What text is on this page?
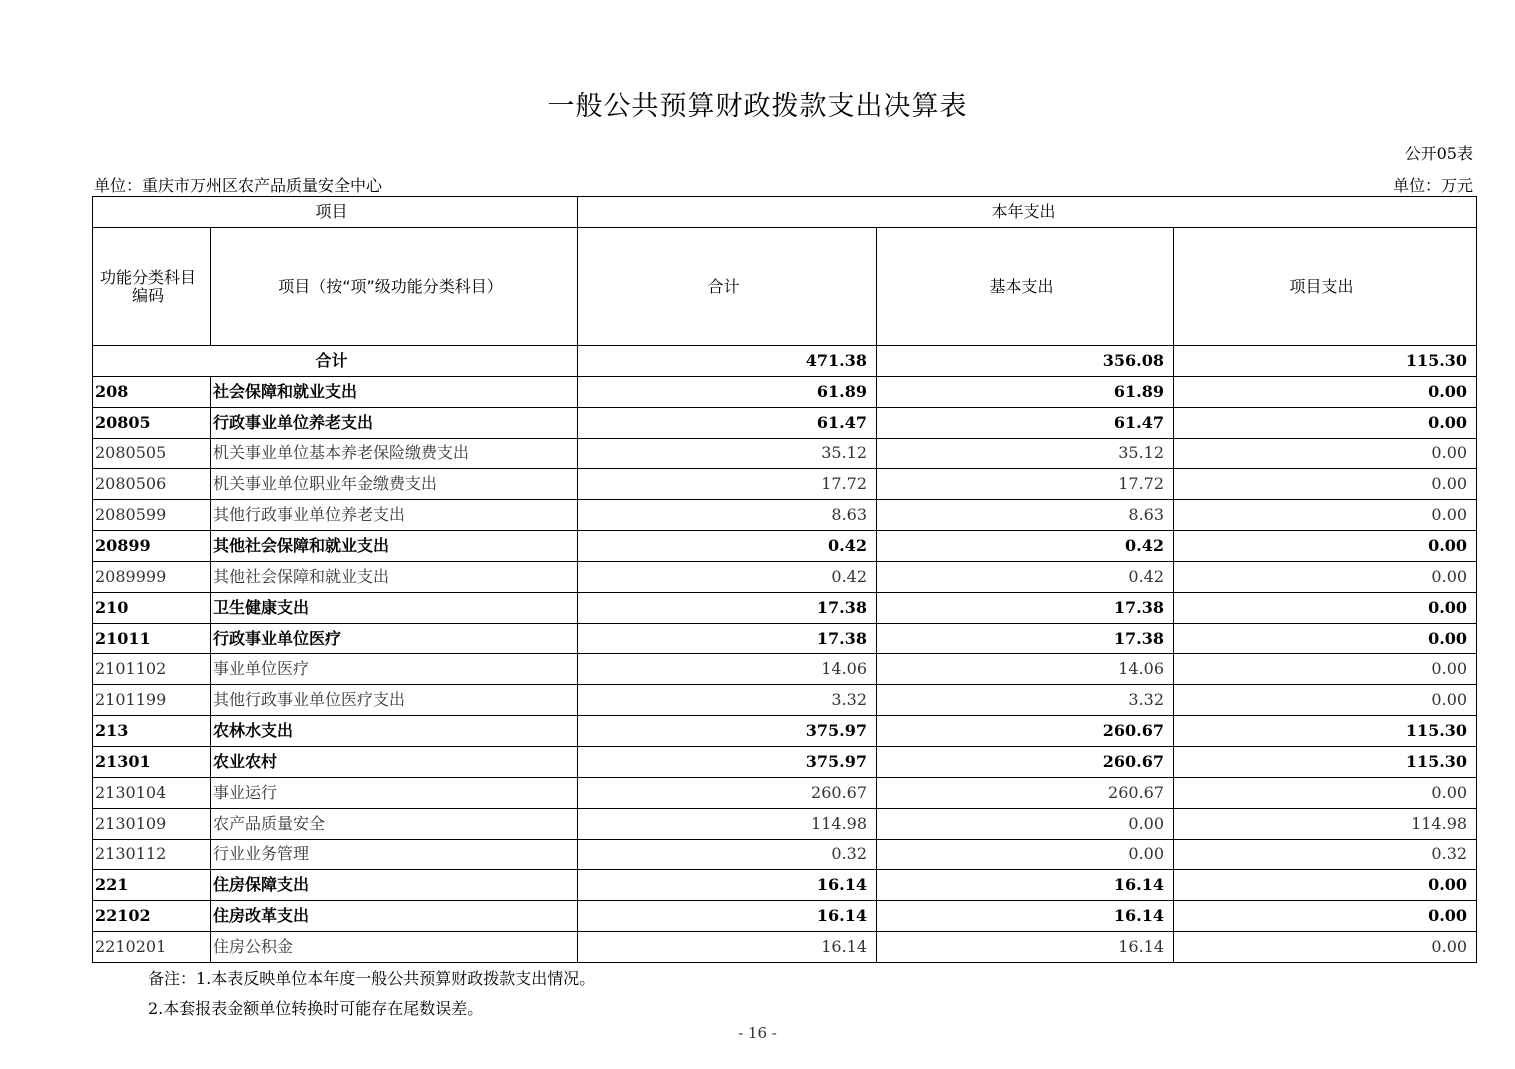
一般公共预算财政拨款支出决算表
公开05表
单位：重庆市万州区农产品质量安全中心	单位：万元
项目		本年支出		
功能分类科目编码	项目（按“项”级功能分类科目）	合计	基本支出	项目支出
合计		471.38	356.08	115.30
208	社会保障和就业支出	61.89	61.89	0.00
20805	行政事业单位养老支出	61.47	61.47	0.00
2080505	机关事业单位基本养老保险缴费支出	35.12	35.12	0.00
2080506	机关事业单位职业年金缴费支出	17.72	17.72	0.00
2080599	其他行政事业单位养老支出	8.63	8.63	0.00
20899	其他社会保障和就业支出	0.42	0.42	0.00
2089999	其他社会保障和就业支出	0.42	0.42	0.00
210	卫生健康支出	17.38	17.38	0.00
21011	行政事业单位医疗	17.38	17.38	0.00
2101102	事业单位医疗	14.06	14.06	0.00
2101199	其他行政事业单位医疗支出	3.32	3.32	0.00
213	农林水支出	375.97	260.67	115.30
21301	农业农村	375.97	260.67	115.30
2130104	事业运行	260.67	260.67	0.00
2130109	农产品质量安全	114.98	0.00	114.98
2130112	行业业务管理	0.32	0.00	0.32
221	住房保障支出	16.14	16.14	0.00
22102	住房改革支出	16.14	16.14	0.00
2210201	住房公积金	16.14	16.14	0.00
备注：1.本表反映单位本年度一般公共预算财政拨款支出情况。
2.本套报表金额单位转换时可能存在尾数误差。
- 16 -
